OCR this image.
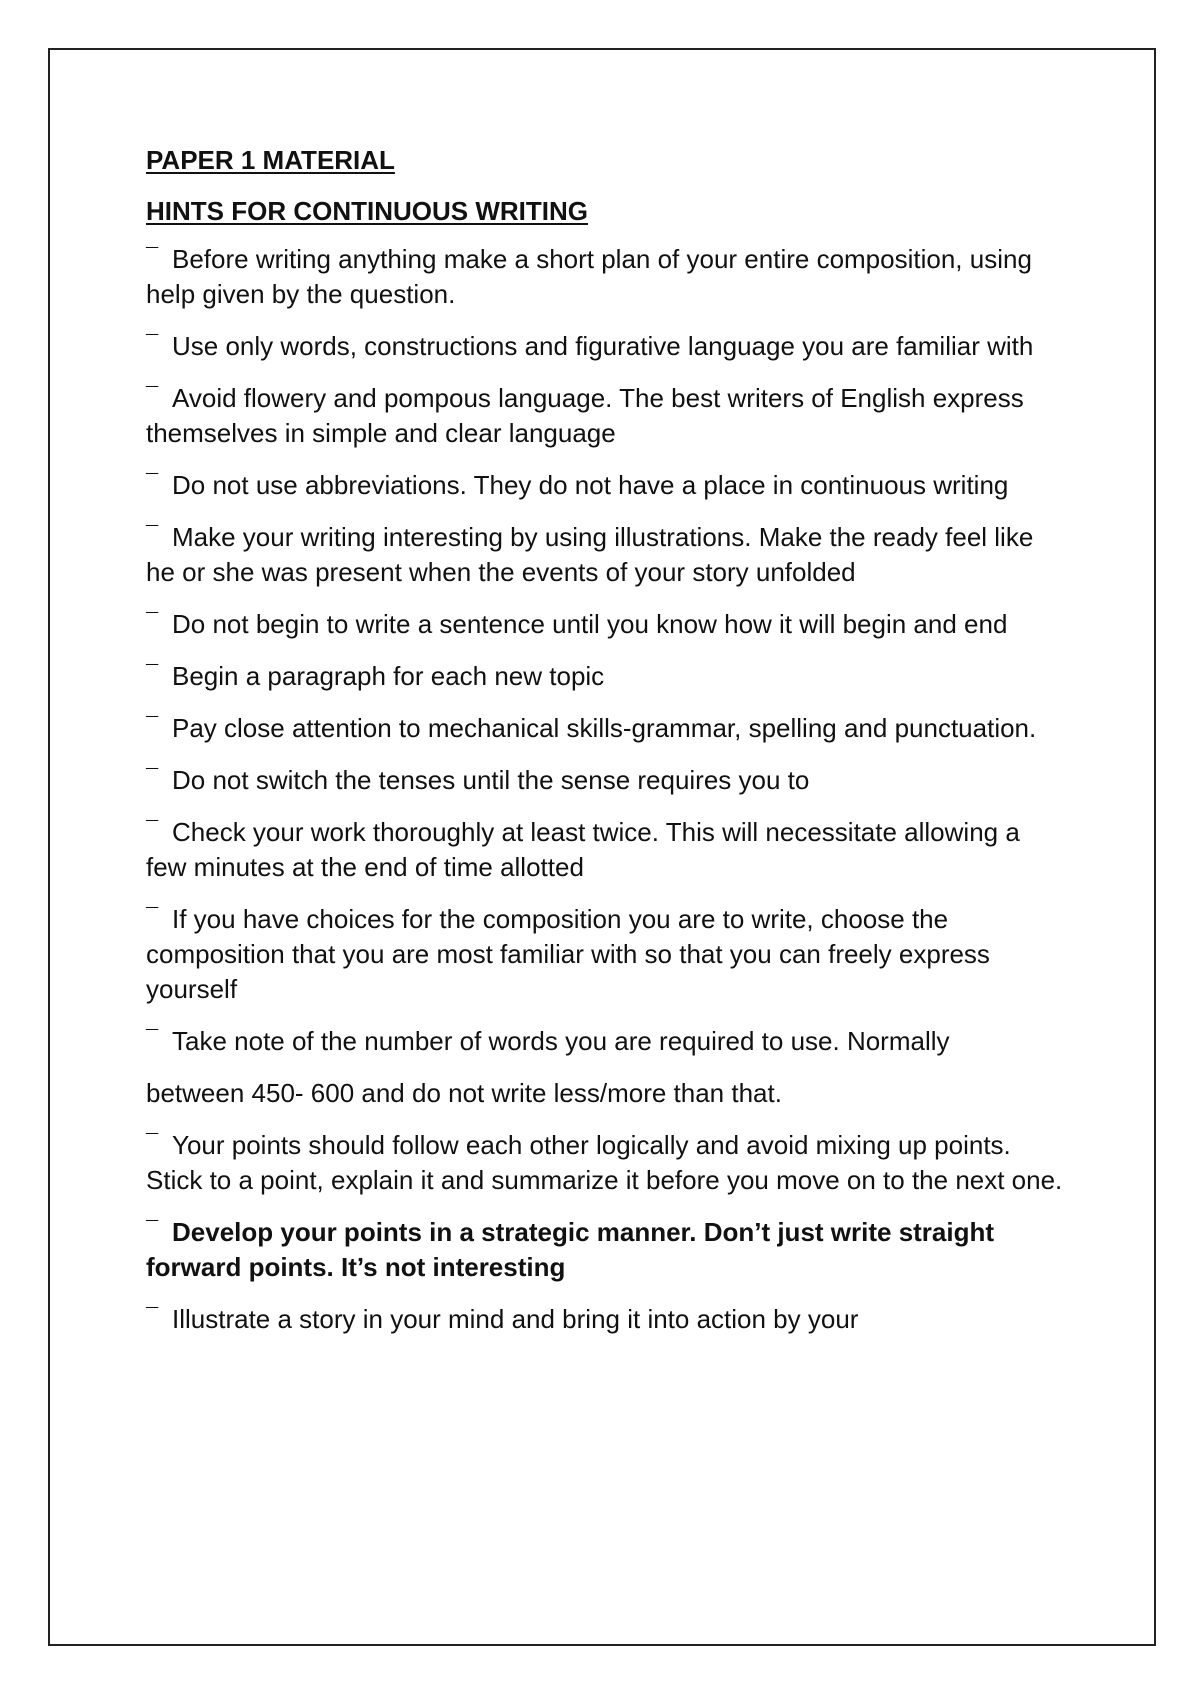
PAPER 1 MATERIAL
HINTS FOR CONTINUOUS WRITING
¯ Before writing anything make a short plan of your entire composition, using help given by the question.
¯ Use only words, constructions and figurative language you are familiar with
¯ Avoid flowery and pompous language. The best writers of English express themselves in simple and clear language
¯ Do not use abbreviations. They do not have a place in continuous writing
¯ Make your writing interesting by using illustrations. Make the ready feel like he or she was present when the events of your story unfolded
¯ Do not begin to write a sentence until you know how it will begin and end
¯ Begin a paragraph for each new topic
¯ Pay close attention to mechanical skills-grammar, spelling and punctuation.
¯ Do not switch the tenses until the sense requires you to
¯ Check your work thoroughly at least twice. This will necessitate allowing a few minutes at the end of time allotted
¯ If you have choices for the composition you are to write, choose the composition that you are most familiar with so that you can freely express yourself
¯ Take note of the number of words you are required to use. Normally
between 450- 600 and do not write less/more than that.
¯ Your points should follow each other logically and avoid mixing up points. Stick to a point, explain it and summarize it before you move on to the next one.
¯ Develop your points in a strategic manner. Don’t just write straight forward points. It’s not interesting
¯ Illustrate a story in your mind and bring it into action by your
